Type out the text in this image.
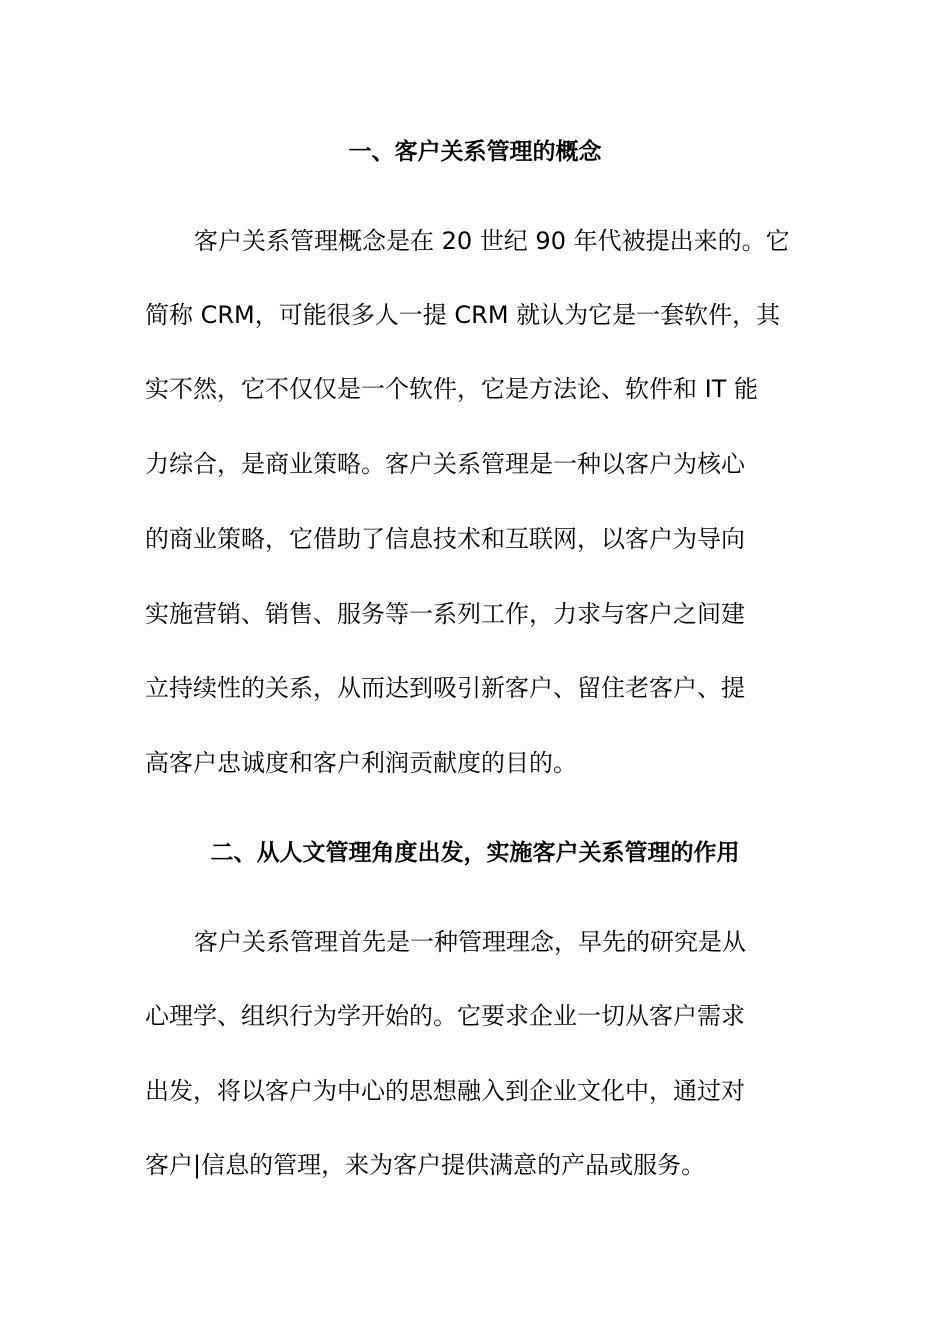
一、客户关系管理的概念
客户关系管理概念是在 20 世纪 90 年代被提出来的。它
简称 CRM，可能很多人一提 CRM 就认为它是一套软件，其
实不然，它不仅仅是一个软件，它是方法论、软件和 IT 能
力综合，是商业策略。客户关系管理是一种以客户为核心
的商业策略，它借助了信息技术和互联网，以客户为导向
实施营销、销售、服务等一系列工作，力求与客户之间建
立持续性的关系，从而达到吸引新客户、留住老客户、提
高客户忠诚度和客户利润贡献度的目的。
二、从人文管理角度出发，实施客户关系管理的作用
客户关系管理首先是一种管理理念，早先的研究是从
心理学、组织行为学开始的。它要求企业一切从客户需求
出发，将以客户为中心的思想融入到企业文化中，通过对
客户|信息的管理，来为客户提供满意的产品或服务。
